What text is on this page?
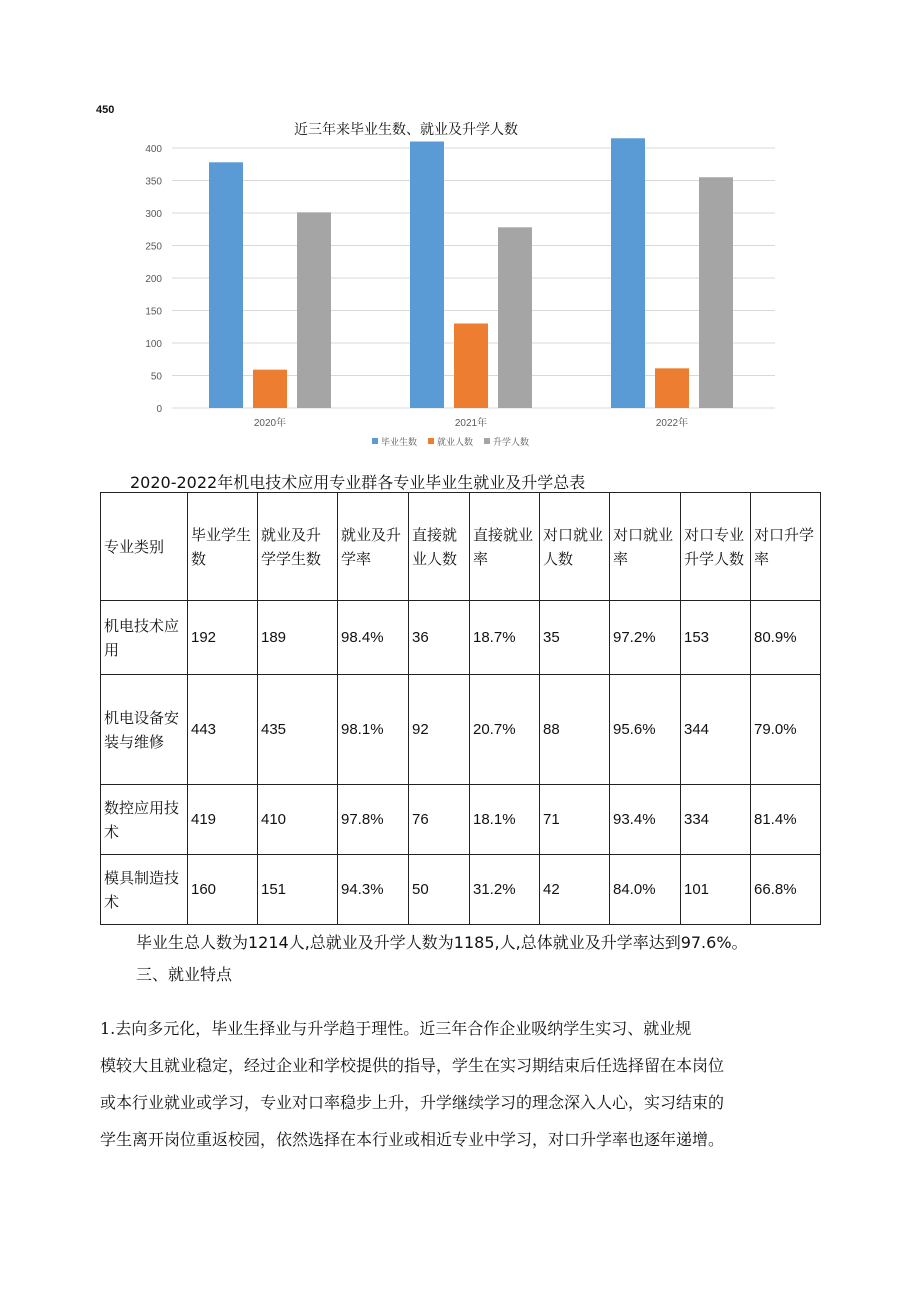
450
近三年来毕业生数、就业及升学人数
0
50
100
150
200
250
300
350
400
2020年	2021年	2022年
毕业生数 就业人数 升学人数
2020-2022年机电技术应用专业群各专业毕业生就业及升学总表
专业类别	毕业学生数	就业及升学学生数	就业及升学率	直接就业人数	直接就业率	对口就业人数	对口就业率	对口专业升学人数	对口升学率
机电技术应用	192	189	98.4%	36	18.7%	35	97.2%	153	80.9%
机电设备安装与维修	443	435	98.1%	92	20.7%	88	95.6%	344	79.0%
数控应用技术	419	410	97.8%	76	18.1%	71	93.4%	334	81.4%
模具制造技术	160	151	94.3%	50	31.2%	42	84.0%	101	66.8%
毕业生总人数为1214人,总就业及升学人数为1185,人,总体就业及升学率达到97.6%。
三、就业特点
1.去向多元化，毕业生择业与升学趋于理性。近三年合作企业吸纳学生实习、就业规
模较大且就业稳定，经过企业和学校提供的指导，学生在实习期结束后任选择留在本岗位
或本行业就业或学习，专业对口率稳步上升，升学继续学习的理念深入人心，实习结束的
学生离开岗位重返校园，依然选择在本行业或相近专业中学习，对口升学率也逐年递增。
